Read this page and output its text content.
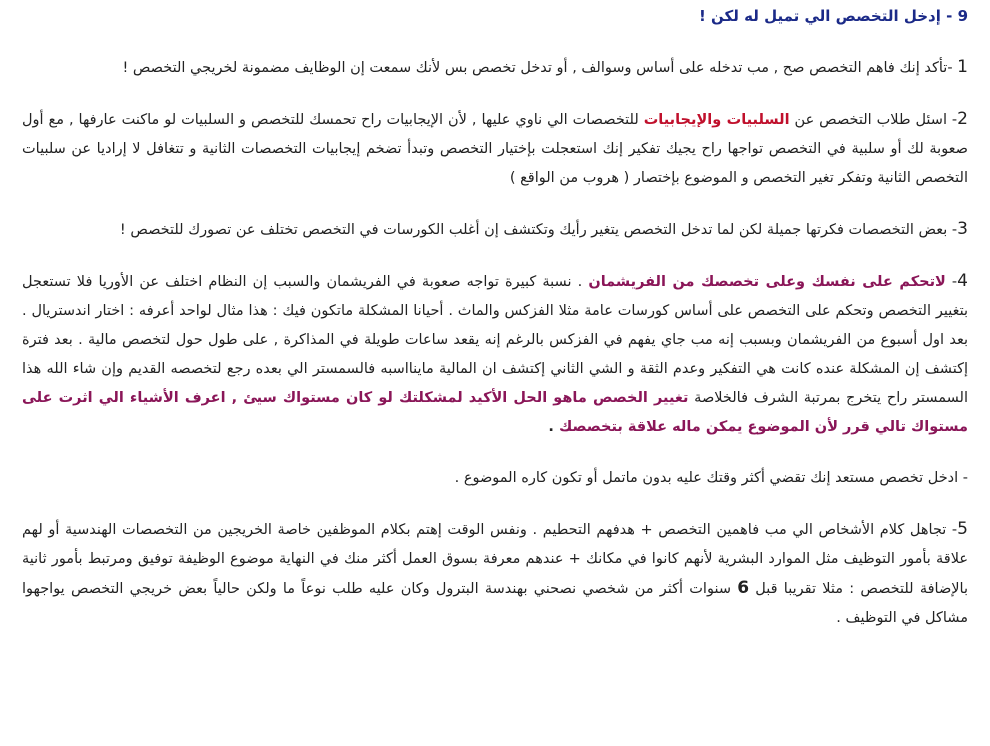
9 - إدخل التخصص الي تميل له لكن !
1 -تأكد إنك فاهم التخصص صح , مب تدخله على أساس وسوالف , أو تدخل تخصص بس لأنك سمعت إن الوظايف مضمونة لخريجي التخصص !
2- اسئل طلاب التخصص عن السلبيات والإيجابيات للتخصصات الي ناوي عليها , لأن الإيجابيات راح تحمسك للتخصص و السلبيات لو ماكنت عارفها , مع أول صعوبة لك أو سلبية في التخصص تواجها راح يجيك تفكير إنك استعجلت بإختيار التخصص وتبدأ تضخم إيجابيات التخصصات الثانية و تتغافل لا إراديا عن سلبيات التخصص الثانية وتفكر تغير التخصص و الموضوع بإختصار ( هروب من الواقع )
3- بعض التخصصات فكرتها جميلة لكن لما تدخل التخصص يتغير رأيك وتكتشف إن أغلب الكورسات في التخصص تختلف عن تصورك للتخصص !
4- لاتحكم على نفسك وعلى تخصصك من الفريشمان . نسبة كبيرة تواجه صعوبة في الفريشمان والسبب إن النظام اختلف عن الأوريا فلا تستعجل بتغيير التخصص وتحكم على التخصص على أساس كورسات عامة مثلا الفزكس والماث . أحيانا المشكلة ماتكون فيك : هذا مثال لواحد أعرفه : اختار اندستريال . بعد اول أسبوع من الفريشمان وبسبب إنه مب جاي يفهم في الفزكس بالرغم إنه يقعد ساعات طويلة في المذاكرة , على طول حول لتخصص مالية . بعد فترة إكتشف إن المشكلة عنده كانت هي التفكير وعدم الثقة و الشي الثاني إكتشف ان المالية ماينااسبه فالسمستر الي بعده رجع لتخصصه القديم وإن شاء الله هذا السمستر راح يتخرج بمرتبة الشرف فالخلاصة تغيير الخصص ماهو الحل الأكيد لمشكلتك لو كان مستواك سيئ , اعرف الأشياء الي اثرت على مستواك تالي قرر لأن الموضوع يمكن ماله علاقة بتخصصك .
- ادخل تخصص مستعد إنك تقضي أكثر وقتك عليه بدون ماتمل أو تكون كاره الموضوع .
5- تجاهل كلام الأشخاص الي مب فاهمين التخصص + هدفهم التحطيم . ونفس الوقت إهتم بكلام الموظفين خاصة الخريجين من التخصصات الهندسية أو لهم علاقة بأمور التوظيف مثل الموارد البشرية لأنهم كانوا في مكانك + عندهم معرفة بسوق العمل أكثر منك في النهاية موضوع الوظيفة توفيق ومرتبط بأمور ثانية بالإضافة للتخصص : مثلا تقريبا قبل 6 سنوات أكثر من شخصي نصحني بهندسة البترول وكان عليه طلب نوعاً ما ولكن حالياً بعض خريجي التخصص يواجهوا مشاكل في التوظيف .
